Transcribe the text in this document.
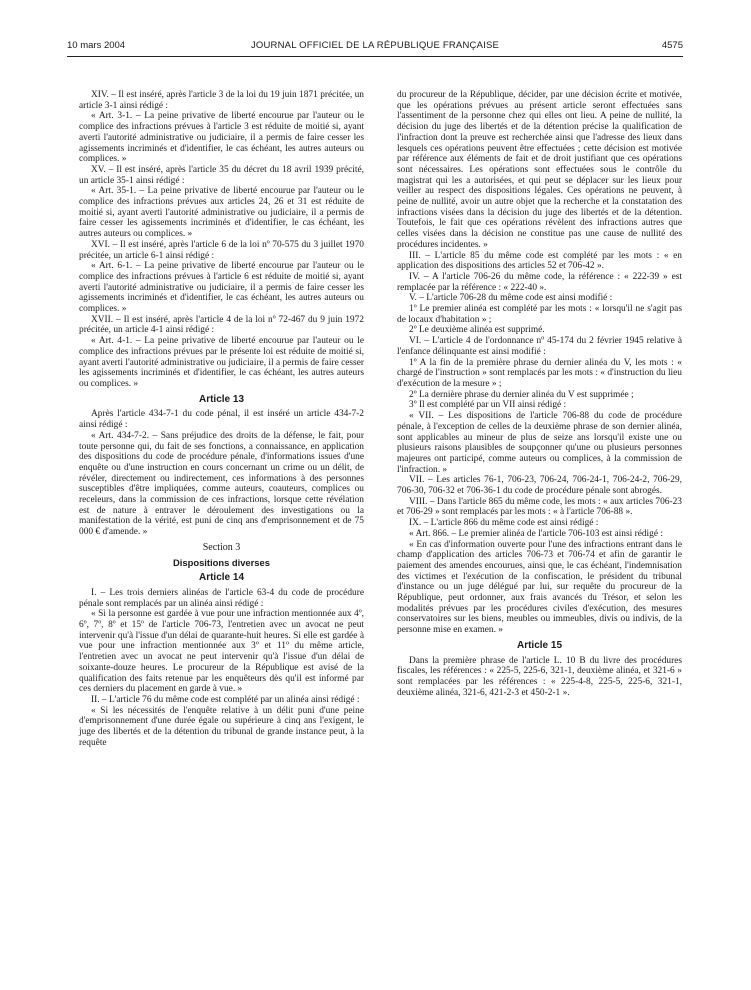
10 mars 2004	JOURNAL OFFICIEL DE LA RÉPUBLIQUE FRANÇAISE	4575

XIV. – Il est inséré, après l'article 3 de la loi du 19 juin 1871 précitée, un article 3-1 ainsi rédigé :

« Art. 3-1. – La peine privative de liberté encourue par l'auteur ou le complice des infractions prévues à l'article 3 est réduite de moitié si, ayant averti l'autorité administrative ou judiciaire, il a permis de faire cesser les agissements incriminés et d'identifier, le cas échéant, les autres auteurs ou complices. »

XV. – Il est inséré, après l'article 35 du décret du 18 avril 1939 précité, un article 35-1 ainsi rédigé :

« Art. 35-1. – La peine privative de liberté encourue par l'auteur ou le complice des infractions prévues aux articles 24, 26 et 31 est réduite de moitié si, ayant averti l'autorité administrative ou judiciaire, il a permis de faire cesser les agissements incriminés et d'identifier, le cas échéant, les autres auteurs ou complices. »

XVI. – Il est inséré, après l'article 6 de la loi nº 70-575 du 3 juillet 1970 précitée, un article 6-1 ainsi rédigé :

« Art. 6-1. – La peine privative de liberté encourue par l'auteur ou le complice des infractions prévues à l'article 6 est réduite de moitié si, ayant averti l'autorité administrative ou judiciaire, il a permis de faire cesser les agissements incriminés et d'identifier, le cas échéant, les autres auteurs ou complices. »

XVII. – Il est inséré, après l'article 4 de la loi nº 72-467 du 9 juin 1972 précitée, un article 4-1 ainsi rédigé :

« Art. 4-1. – La peine privative de liberté encourue par l'auteur ou le complice des infractions prévues par le présente loi est réduite de moitié si, ayant averti l'autorité administrative ou judiciaire, il a permis de faire cesser les agissements incriminés et d'identifier, le cas échéant, les autres auteurs ou complices. »

Article 13

Après l'article 434-7-1 du code pénal, il est inséré un article 434-7-2 ainsi rédigé :

« Art. 434-7-2. – Sans préjudice des droits de la défense, le fait, pour toute personne qui, du fait de ses fonctions, a connaissance, en application des dispositions du code de procédure pénale, d'informations issues d'une enquête ou d'une instruction en cours concernant un crime ou un délit, de révéler, directement ou indirectement, ces informations à des personnes susceptibles d'être impliquées, comme auteurs, coauteurs, complices ou receleurs, dans la commission de ces infractions, lorsque cette révélation est de nature à entraver le déroulement des investigations ou la manifestation de la vérité, est puni de cinq ans d'emprisonnement et de 75 000 € d'amende. »

Section 3

Dispositions diverses

Article 14

I. – Les trois derniers alinéas de l'article 63-4 du code de procédure pénale sont remplacés par un alinéa ainsi rédigé :

« Si la personne est gardée à vue pour une infraction mentionnée aux 4º, 6º, 7º, 8º et 15º de l'article 706-73, l'entretien avec un avocat ne peut intervenir qu'à l'issue d'un délai de quarante-huit heures. Si elle est gardée à vue pour une infraction mentionnée aux 3º et 11º du même article, l'entretien avec un avocat ne peut intervenir qu'à l'issue d'un délai de soixante-douze heures. Le procureur de la République est avisé de la qualification des faits retenue par les enquêteurs dès qu'il est informé par ces derniers du placement en garde à vue. »

II. – L'article 76 du même code est complété par un alinéa ainsi rédigé :

« Si les nécessités de l'enquête relative à un délit puni d'une peine d'emprisonnement d'une durée égale ou supérieure à cinq ans l'exigent, le juge des libertés et de la détention du tribunal de grande instance peut, à la requête

du procureur de la République, décider, par une décision écrite et motivée, que les opérations prévues au présent article seront effectuées sans l'assentiment de la personne chez qui elles ont lieu. A peine de nullité, la décision du juge des libertés et de la détention précise la qualification de l'infraction dont la preuve est recherchée ainsi que l'adresse des lieux dans lesquels ces opérations peuvent être effectuées ; cette décision est motivée par référence aux éléments de fait et de droit justifiant que ces opérations sont nécessaires. Les opérations sont effectuées sous le contrôle du magistrat qui les a autorisées, et qui peut se déplacer sur les lieux pour veiller au respect des dispositions légales. Ces opérations ne peuvent, à peine de nullité, avoir un autre objet que la recherche et la constatation des infractions visées dans la décision du juge des libertés et de la détention. Toutefois, le fait que ces opérations révèlent des infractions autres que celles visées dans la décision ne constitue pas une cause de nullité des procédures incidentes. »

III. – L'article 85 du même code est complété par les mots : « en application des dispositions des articles 52 et 706-42 ».

IV. – A l'article 706-26 du même code, la référence : « 222-39 » est remplacée par la référence : « 222-40 ».

V. – L'article 706-28 du même code est ainsi modifié :

1º Le premier alinéa est complété par les mots : « lorsqu'il ne s'agit pas de locaux d'habitation » ;

2º Le deuxième alinéa est supprimé.

VI. – L'article 4 de l'ordonnance nº 45-174 du 2 février 1945 relative à l'enfance délinquante est ainsi modifié :

1º A la fin de la première phrase du dernier alinéa du V, les mots : « chargé de l'instruction » sont remplacés par les mots : « d'instruction du lieu d'exécution de la mesure » ;

2º La dernière phrase du dernier alinéa du V est supprimée ;

3º Il est complété par un VII ainsi rédigé :

« VII. – Les dispositions de l'article 706-88 du code de procédure pénale, à l'exception de celles de la deuxième phrase de son dernier alinéa, sont applicables au mineur de plus de seize ans lorsqu'il existe une ou plusieurs raisons plausibles de soupçonner qu'une ou plusieurs personnes majeures ont participé, comme auteurs ou complices, à la commission de l'infraction. »

VII. – Les articles 76-1, 706-23, 706-24, 706-24-1, 706-24-2, 706-29, 706-30, 706-32 et 706-36-1 du code de procédure pénale sont abrogés.

VIII. – Dans l'article 865 du même code, les mots : « aux articles 706-23 et 706-29 » sont remplacés par les mots : « à l'article 706-88 ».

IX. – L'article 866 du même code est ainsi rédigé :

« Art. 866. – Le premier alinéa de l'article 706-103 est ainsi rédigé :

« En cas d'information ouverte pour l'une des infractions entrant dans le champ d'application des articles 706-73 et 706-74 et afin de garantir le paiement des amendes encourues, ainsi que, le cas échéant, l'indemnisation des victimes et l'exécution de la confiscation, le président du tribunal d'instance ou un juge délégué par lui, sur requête du procureur de la République, peut ordonner, aux frais avancés du Trésor, et selon les modalités prévues par les procédures civiles d'exécution, des mesures conservatoires sur les biens, meubles ou immeubles, divis ou indivis, de la personne mise en examen. »

Article 15

Dans la première phrase de l'article L. 10 B du livre des procédures fiscales, les références : « 225-5, 225-6, 321-1, deuxième alinéa, et 321-6 » sont remplacées par les références : « 225-4-8, 225-5, 225-6, 321-1, deuxième alinéa, 321-6, 421-2-3 et 450-2-1 ».
